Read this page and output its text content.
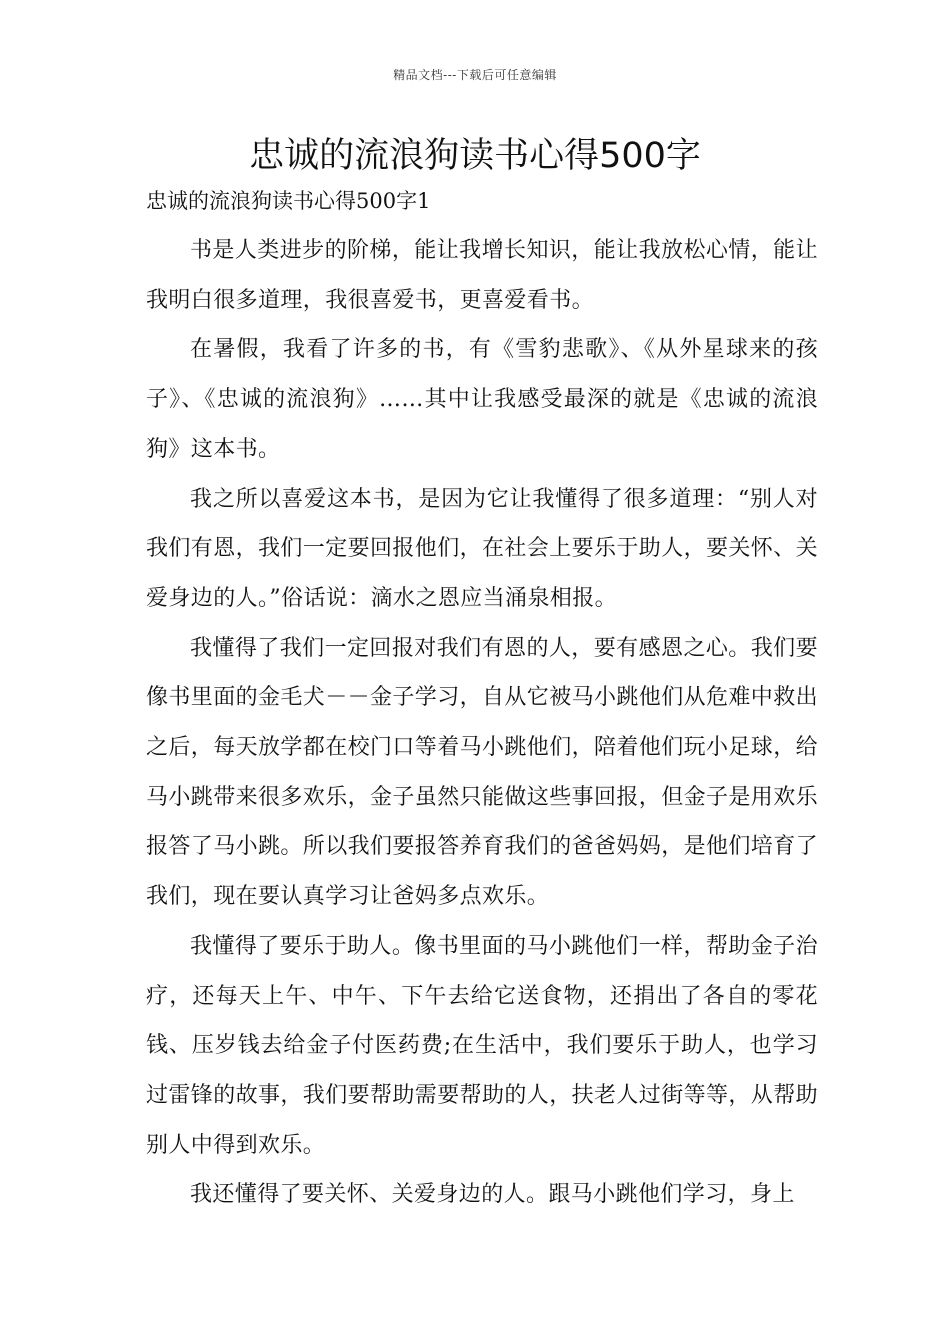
精品文档---下载后可任意编辑
忠诚的流浪狗读书心得500字
忠诚的流浪狗读书心得500字1

书是人类进步的阶梯，能让我增长知识，能让我放松心情，能让我明白很多道理，我很喜爱书，更喜爱看书。

在暑假，我看了许多的书，有《雪豹悲歌》、《从外星球来的孩子》、《忠诚的流浪狗》……其中让我感受最深的就是《忠诚的流浪狗》这本书。

我之所以喜爱这本书，是因为它让我懂得了很多道理：“别人对我们有恩，我们一定要回报他们，在社会上要乐于助人，要关怀、关爱身边的人。”俗话说：滴水之恩应当涌泉相报。

我懂得了我们一定回报对我们有恩的人，要有感恩之心。我们要像书里面的金毛犬－－金子学习，自从它被马小跳他们从危难中救出之后，每天放学都在校门口等着马小跳他们，陪着他们玩小足球，给马小跳带来很多欢乐，金子虽然只能做这些事回报，但金子是用欢乐报答了马小跳。所以我们要报答养育我们的爸爸妈妈，是他们培育了我们，现在要认真学习让爸妈多点欢乐。

我懂得了要乐于助人。像书里面的马小跳他们一样，帮助金子治疗，还每天上午、中午、下午去给它送食物，还捐出了各自的零花钱、压岁钱去给金子付医药费;在生活中，我们要乐于助人，也学习过雷锋的故事，我们要帮助需要帮助的人，扶老人过街等等，从帮助别人中得到欢乐。

我还懂得了要关怀、关爱身边的人。跟马小跳他们学习，身上
